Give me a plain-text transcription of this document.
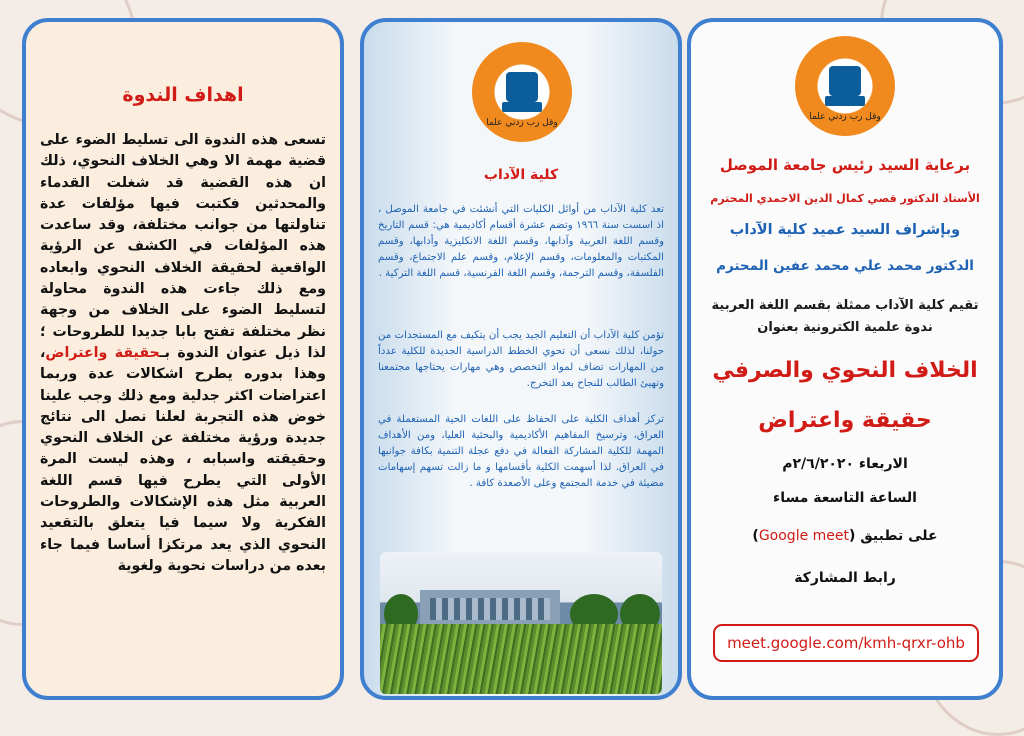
اهداف الندوة
تسعى هذه الندوة الى تسليط الضوء على قضية مهمة الا وهي الخلاف النحوي، ذلك ان هذه القضية قد شغلت القدماء والمحدثين فكتبت فيها مؤلفات عدة تناولتها من جوانب مختلفة، وقد ساعدت هذه المؤلفات في الكشف عن الرؤية الواقعية لحقيقة الخلاف النحوي وابعاده ومع ذلك جاءت هذه الندوة محاولة لتسليط الضوء على الخلاف من وجهة نظر مختلفة تفتح بابا جديدا للطروحات ؛ لذا ذيل عنوان الندوة بـحقيقة واعتراض، وهذا بدوره يطرح اشكالات عدة وربما اعتراضات اكثر جدلية ومع ذلك وجب علينا خوض هذه التجربة لعلنا نصل الى نتائج جديدة ورؤية مختلفة عن الخلاف النحوي وحقيقته واسبابه ، وهذه ليست المرة الأولى التي يطرح فيها قسم اللغة العربية مثل هذه الإشكالات والطروحات الفكرية ولا سيما فيا يتعلق بالتقعيد النحوي الذي يعد مرتكزا أساسا فيما جاء بعده من دراسات نحوية ولغوية
وقل رب زدني علما
كلية الآداب
تعد كلية الآداب من أوائل الكليات التي أنشئت في جامعة الموصل ، اذ اسست سنة ١٩٦٦ وتضم عشرة أقسام أكاديمية هي: قسم التاريخ وقسم اللغة العربية وآدابها، وقسم اللغة الانكليزية وأدابها، وقسم المكتبات والمعلومات، وقسم الإعلام، وقسم علم الاجتماع، وقسم الفلسفة، وقسم الترجمة، وقسم اللغة الفرنسية، قسم اللغة التركية .
تؤمن كلية الآداب أن التعليم الجيد يجب أن يتكيف مع المستجدات من حولنا، لذلك نسعى أن تحوي الخطط الدراسية الجديدة للكلية عدداً من المهارات تضاف لمواد التخصص وهي مهارات يحتاجها مجتمعنا وتهيئ الطالب للنجاح بعد التخرج.
تركز أهداف الكلية على الحفاظ على اللغات الحية المستعملة في العراق، وترسيخ المفاهيم الأكاديمية والبحثية العليا، ومن الأهداف المهمة للكلية المشاركة الفعالة في دفع عجلة التنمية بكافة جوانبها في العراق. لذا أسهمت الكلية بأقسامها و ما زالت تسهم إسهامات مضيئة في خدمة المجتمع وعلى الأصعدة كافة .
وقل رب زدني علما
برعاية السيد رئيس جامعة الموصل
الأستاذ الدكتور قصي كمال الدين الاحمدي المحترم
وبإشراف السيد عميد كلية الآداب
الدكتور محمد علي محمد عفين المحترم
تقيم كلية الآداب ممثلة بقسم اللغة العربية
ندوة علمية الكترونية بعنوان
الخلاف النحوي والصرفي
حقيقة واعتراض
الاربعاء ٢/٦/٢٠٢٠م
الساعة التاسعة مساء
على تطبيق (Google meet)
رابط المشاركة
meet.google.com/kmh-qrxr-ohb
